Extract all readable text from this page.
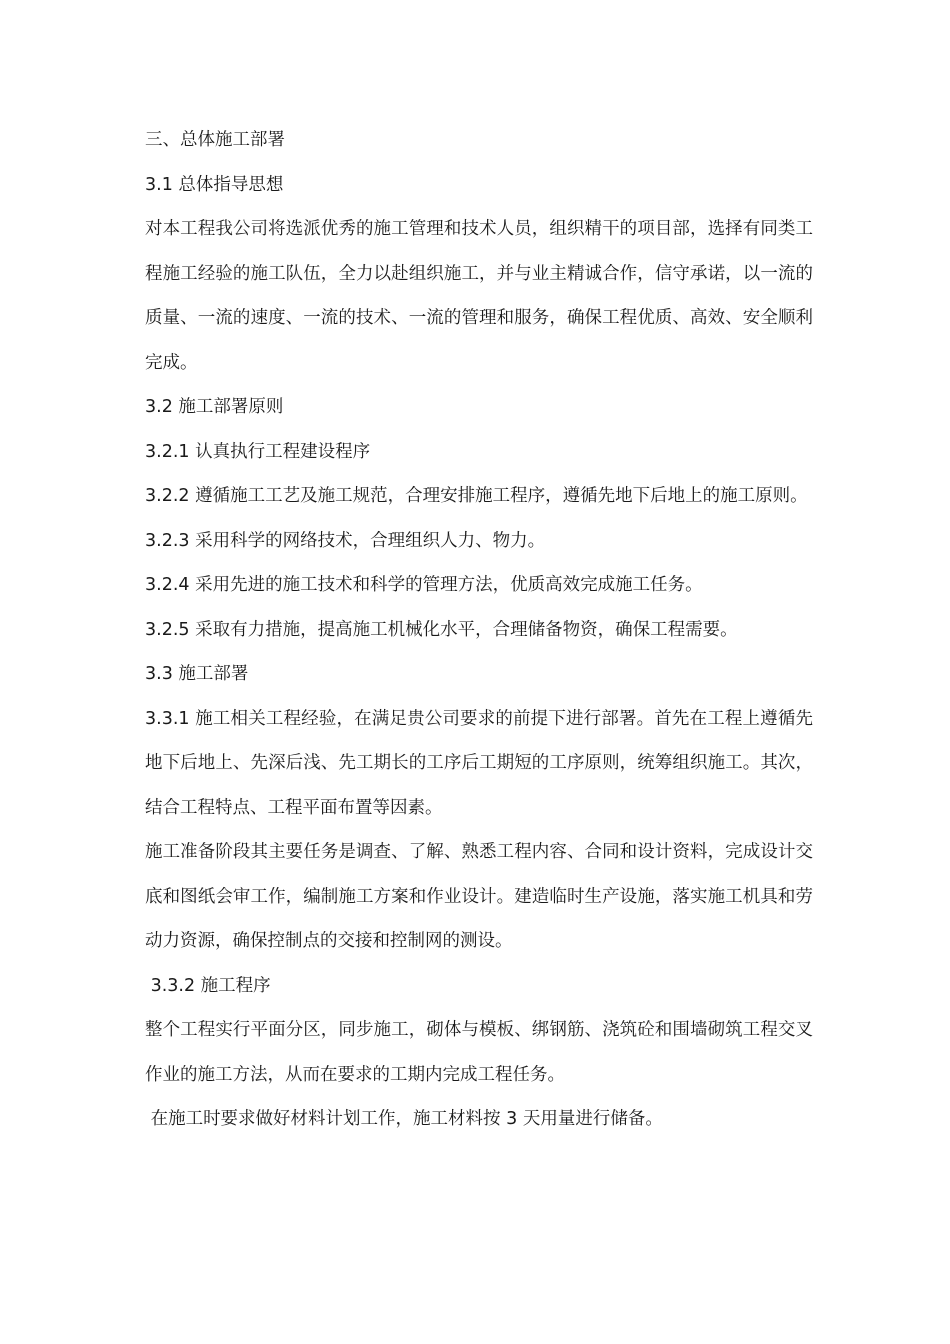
三、总体施工部署

3.1 总体指导思想

对本工程我公司将选派优秀的施工管理和技术人员，组织精干的项目部，选择有同类工程施工经验的施工队伍，全力以赴组织施工，并与业主精诚合作，信守承诺，以一流的质量、一流的速度、一流的技术、一流的管理和服务，确保工程优质、高效、安全顺利完成。

3.2 施工部署原则

3.2.1 认真执行工程建设程序

3.2.2 遵循施工工艺及施工规范，合理安排施工程序，遵循先地下后地上的施工原则。

3.2.3 采用科学的网络技术，合理组织人力、物力。

3.2.4 采用先进的施工技术和科学的管理方法，优质高效完成施工任务。

3.2.5 采取有力措施，提高施工机械化水平，合理储备物资，确保工程需要。

3.3 施工部署

3.3.1 施工相关工程经验，在满足贵公司要求的前提下进行部署。首先在工程上遵循先地下后地上、先深后浅、先工期长的工序后工期短的工序原则，统筹组织施工。其次，结合工程特点、工程平面布置等因素。

施工准备阶段其主要任务是调查、了解、熟悉工程内容、合同和设计资料，完成设计交底和图纸会审工作，编制施工方案和作业设计。建造临时生产设施，落实施工机具和劳动力资源，确保控制点的交接和控制网的测设。

3.3.2 施工程序

整个工程实行平面分区，同步施工，砌体与模板、绑钢筋、浇筑砼和围墙砌筑工程交叉作业的施工方法，从而在要求的工期内完成工程任务。

在施工时要求做好材料计划工作，施工材料按 3 天用量进行储备。
